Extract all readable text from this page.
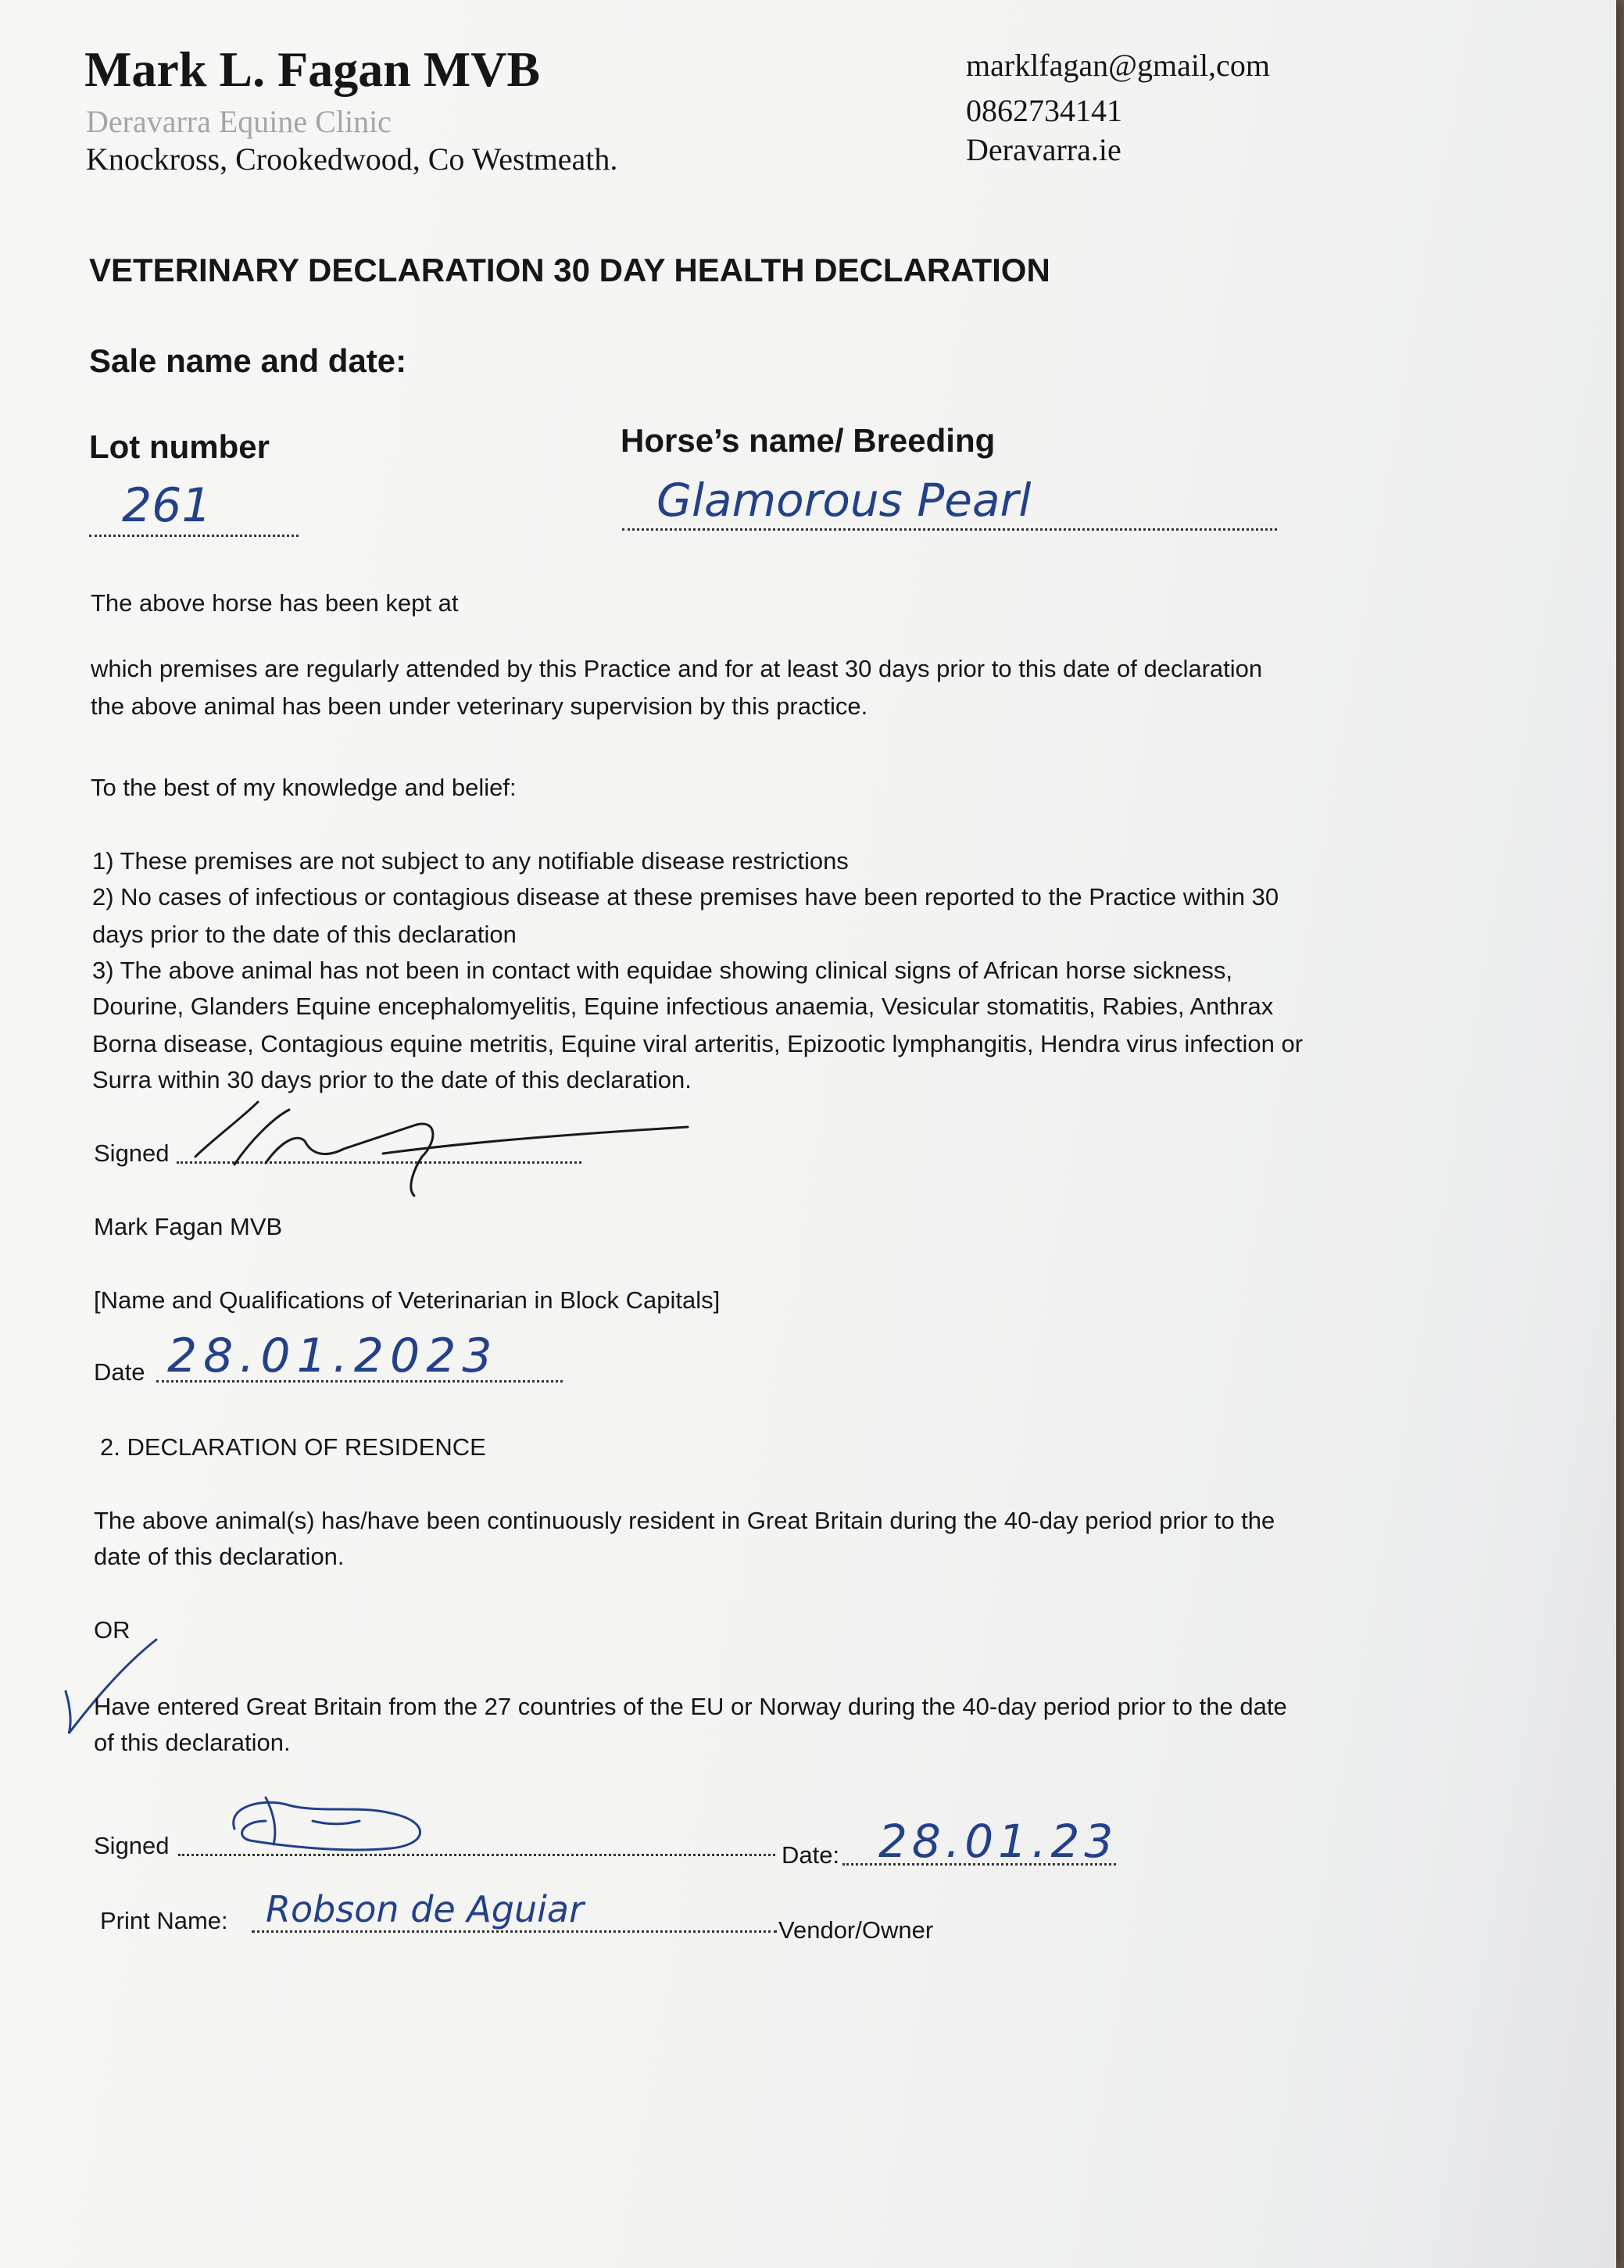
Mark L. Fagan MVB
Deravarra Equine Clinic
Knockross, Crookedwood, Co Westmeath.
marklfagan@gmail,com
0862734141
Deravarra.ie
VETERINARY DECLARATION 30 DAY HEALTH DECLARATION
Sale name and date:
Lot number	Horse’s name/ Breeding
261	Glamorous Pearl
The above horse has been kept at
which premises are regularly attended by this Practice and for at least 30 days prior to this date of declaration
the above animal has been under veterinary supervision by this practice.
To the best of my knowledge and belief:
1) These premises are not subject to any notifiable disease restrictions
2) No cases of infectious or contagious disease at these premises have been reported to the Practice within 30
days prior to the date of this declaration
3) The above animal has not been in contact with equidae showing clinical signs of African horse sickness,
Dourine, Glanders Equine encephalomyelitis, Equine infectious anaemia, Vesicular stomatitis, Rabies, Anthrax
Borna disease, Contagious equine metritis, Equine viral arteritis, Epizootic lymphangitis, Hendra virus infection or
Surra within 30 days prior to the date of this declaration.
Signed
Mark Fagan MVB
[Name and Qualifications of Veterinarian in Block Capitals]
Date 28.01.2023
2. DECLARATION OF RESIDENCE
The above animal(s) has/have been continuously resident in Great Britain during the 40-day period prior to the
date of this declaration.
OR
Have entered Great Britain from the 27 countries of the EU or Norway during the 40-day period prior to the date
of this declaration.
Signed	Date: 28.01.23
Print Name: Robson de Aguiar	Vendor/Owner
